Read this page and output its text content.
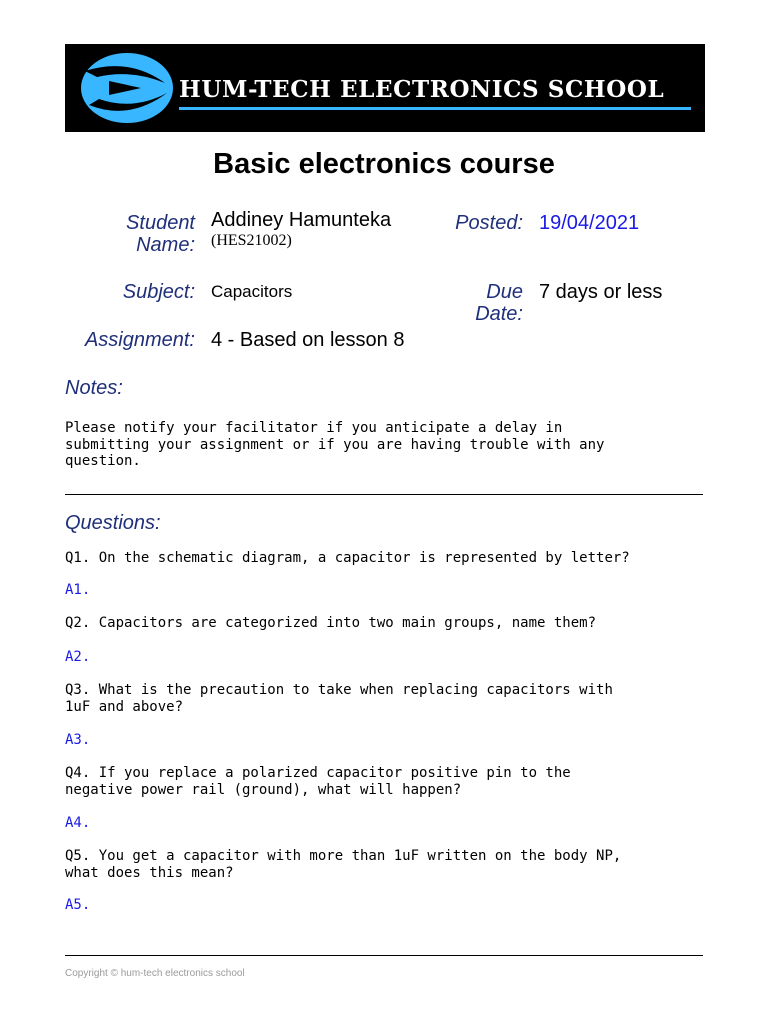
HUM-TECH ELECTRONICS SCHOOL
Basic electronics course
Student
Name:
Addiney Hamunteka
(HES21002)
Posted: 19/04/2021
Subject: Capacitors	Due
Date:
7 days or less
Assignment: 4 - Based on lesson 8
Notes:
Please notify your facilitator if you anticipate a delay in
submitting your assignment or if you are having trouble with any
question.
Questions:
Q1. On the schematic diagram, a capacitor is represented by letter?
A1.
Q2. Capacitors are categorized into two main groups, name them?
A2.
Q3. What is the precaution to take when replacing capacitors with
1uF and above?
A3.
Q4. If you replace a polarized capacitor positive pin to the
negative power rail (ground), what will happen?
A4.
Q5. You get a capacitor with more than 1uF written on the body NP,
what does this mean?
A5.
Copyright © hum-tech electronics school
